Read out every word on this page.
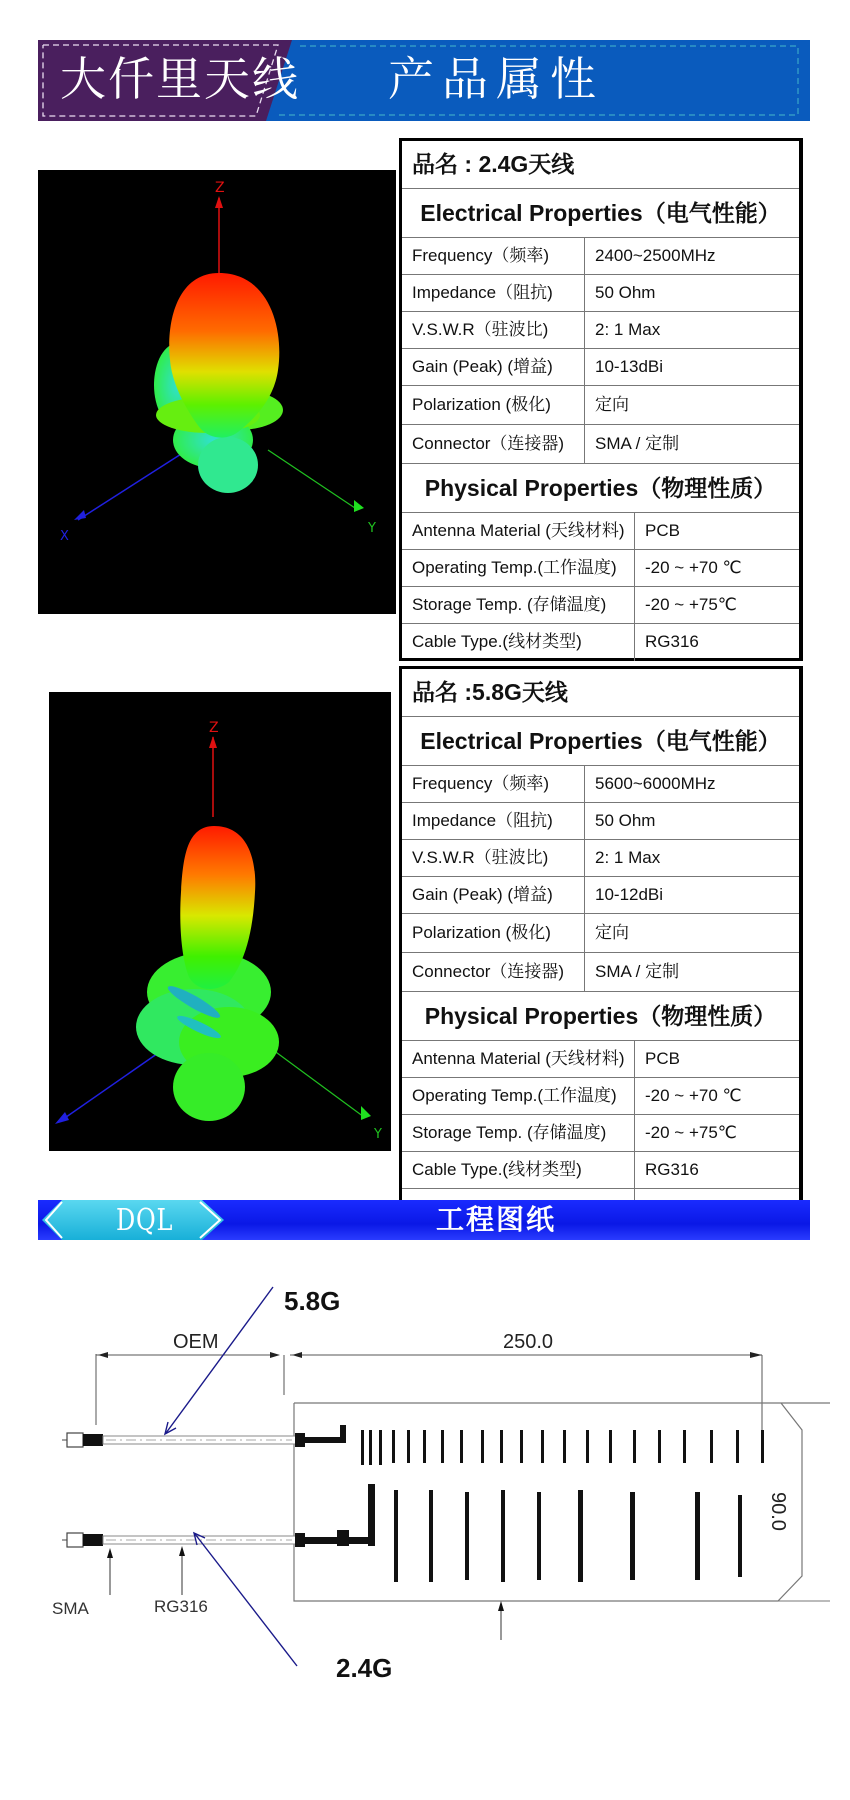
大仟里天线 产品属性
Z
X
Y
品名 : 2.4G天线
Electrical Properties（电气性能）
Frequency（频率)	2400~2500MHz
Impedance（阻抗)	50 Ohm
V.S.W.R（驻波比)	2: 1 Max
Gain (Peak) (增益)	10-13dBi
Polarization (极化)	定向
Connector（连接器)	SMA / 定制
Physical Properties（物理性质）
Antenna Material (天线材料)	PCB
Operating Temp.(工作温度)	-20 ~ +70 ℃
Storage Temp. (存储温度)	-20 ~ +75℃
Cable Type.(线材类型)	RG316
Z
Y
品名 :5.8G天线
Electrical Properties（电气性能）
Frequency（频率)	5600~6000MHz
Impedance（阻抗)	50 Ohm
V.S.W.R（驻波比)	2: 1 Max
Gain (Peak) (增益)	10-12dBi
Polarization (极化)	定向
Connector（连接器)	SMA / 定制
Physical Properties（物理性质）
Antenna Material (天线材料)	PCB
Operating Temp.(工作温度)	-20 ~ +70 ℃
Storage Temp. (存储温度)	-20 ~ +75℃
Cable Type.(线材类型)	RG316
DQL	工程图纸
5.8G
OEM	250.0
90.0
SMA	RG316
2.4G
